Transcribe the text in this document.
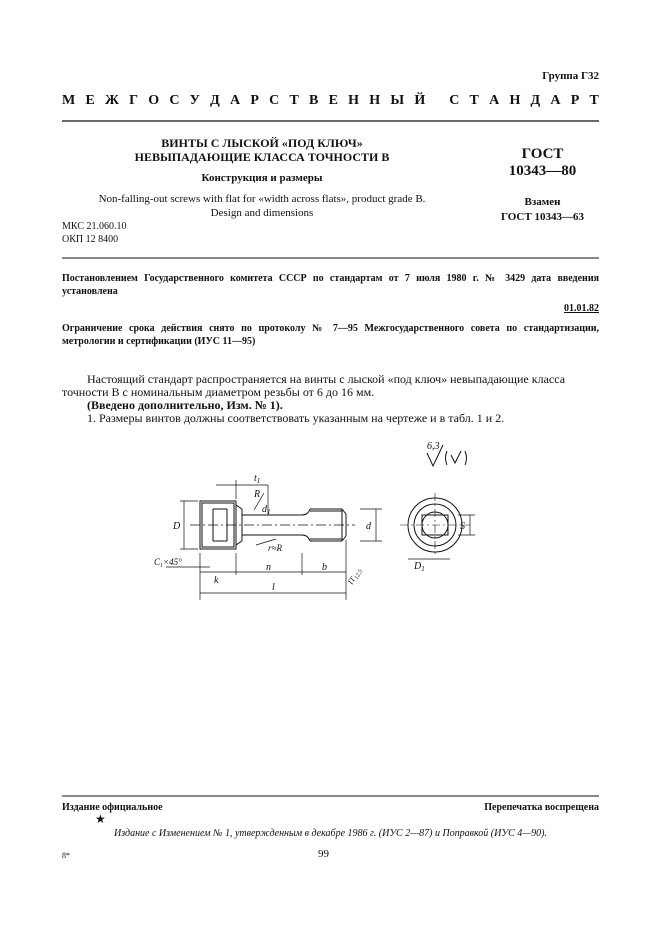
Группа Г32
М Е Ж Г О С У Д А Р С Т В Е Н Н Ы Й
С Т А Н Д А Р Т
ВИНТЫ С ЛЫСКОЙ «ПОД КЛЮЧ»
НЕВЫПАДАЮЩИЕ КЛАССА ТОЧНОСТИ В
Конструкция и размеры
Non-falling-out screws with flat for «width across flats», product grade B.
Design and dimensions
МКС 21.060.10
ОКП 12 8400
ГОСТ
10343—80
Взамен
ГОСТ 10343—63
Постановлением Государственного комитета СССР по стандартам от 7 июля 1980 г. № 3429 дата введения установлена
01.01.82
Ограничение срока действия снято по протоколу № 7—95 Межгосударственного совета по стандартизации, метрологии и сертификации (ИУС 11—95)
Настоящий стандарт распространяется на винты с лыской «под ключ» невыпадающие класса
точности В с номинальным диаметром резьбы от 6 до 16 мм.
(Введено дополнительно, Изм. № 1).
1. Размеры винтов должны соответствовать указанным на чертеже и в табл. 1 и 2.
6,3
$t_1$
R
$d_1$
D	d	S
r≈R
$C_1\times 45^\circ$
k
n	b
l
$D_1$
$IT_{12,5}$
Издание официальное	Перепечатка воспрещена
★
Издание с Изменением № 1, утвержденным в декабре 1986 г. (ИУС 2—87) и Поправкой (ИУС 4—90).
8*	99
